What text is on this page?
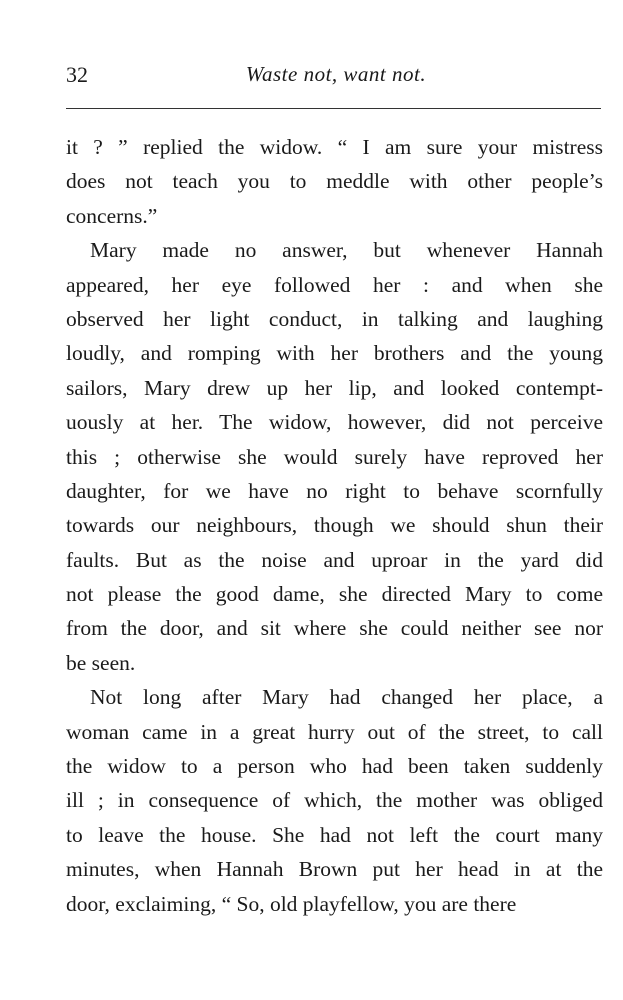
32	Waste not, want not.
it ? ” replied the widow. “ I am sure your mistress
does not teach you to meddle with other people’s
concerns.”
Mary made no answer, but whenever Hannah
appeared, her eye followed her : and when she
observed her light conduct, in talking and laughing
loudly, and romping with her brothers and the young
sailors, Mary drew up her lip, and looked contempt-
uously at her. The widow, however, did not perceive
this ; otherwise she would surely have reproved her
daughter, for we have no right to behave scornfully
towards our neighbours, though we should shun their
faults. But as the noise and uproar in the yard did
not please the good dame, she directed Mary to come
from the door, and sit where she could neither see nor
be seen.
Not long after Mary had changed her place, a
woman came in a great hurry out of the street, to call
the widow to a person who had been taken suddenly
ill ; in consequence of which, the mother was obliged
to leave the house. She had not left the court many
minutes, when Hannah Brown put her head in at the
door, exclaiming, “ So, old playfellow, you are there
